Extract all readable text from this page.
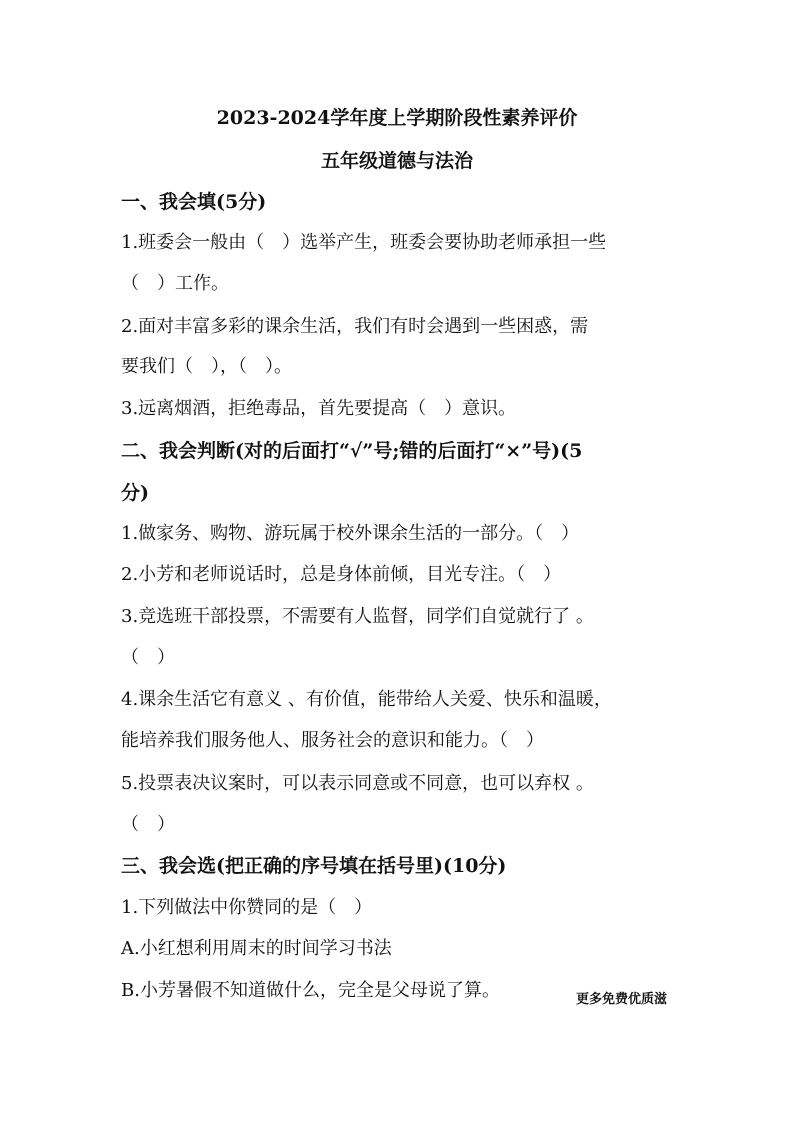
2023-2024学年度上学期阶段性素养评价
五年级道德与法治
一、我会填(5分)
1.班委会一般由（　）选举产生，班委会要协助老师承担一些
（　）工作。
2.面对丰富多彩的课余生活，我们有时会遇到一些困惑，需
要我们（　），（　）。
3.远离烟酒，拒绝毒品，首先要提高（　）意识。
二、我会判断(对的后面打“√”号;错的后面打“×”号)(5
分)
1.做家务、购物、游玩属于校外课余生活的一部分。（　）
2.小芳和老师说话时，总是身体前倾，目光专注。（　）
3.竞选班干部投票，不需要有人监督，同学们自觉就行了 。
（　）
4.课余生活它有意义 、有价值，能带给人关爱、快乐和温暖，
能培养我们服务他人、服务社会的意识和能力。（　）
5.投票表决议案时，可以表示同意或不同意，也可以弃权 。
（　）
三、我会选(把正确的序号填在括号里)(10分)
1.下列做法中你赞同的是（　）
A.小红想利用周末的时间学习书法
B.小芳暑假不知道做什么，完全是父母说了算。	更多免费优质滋
